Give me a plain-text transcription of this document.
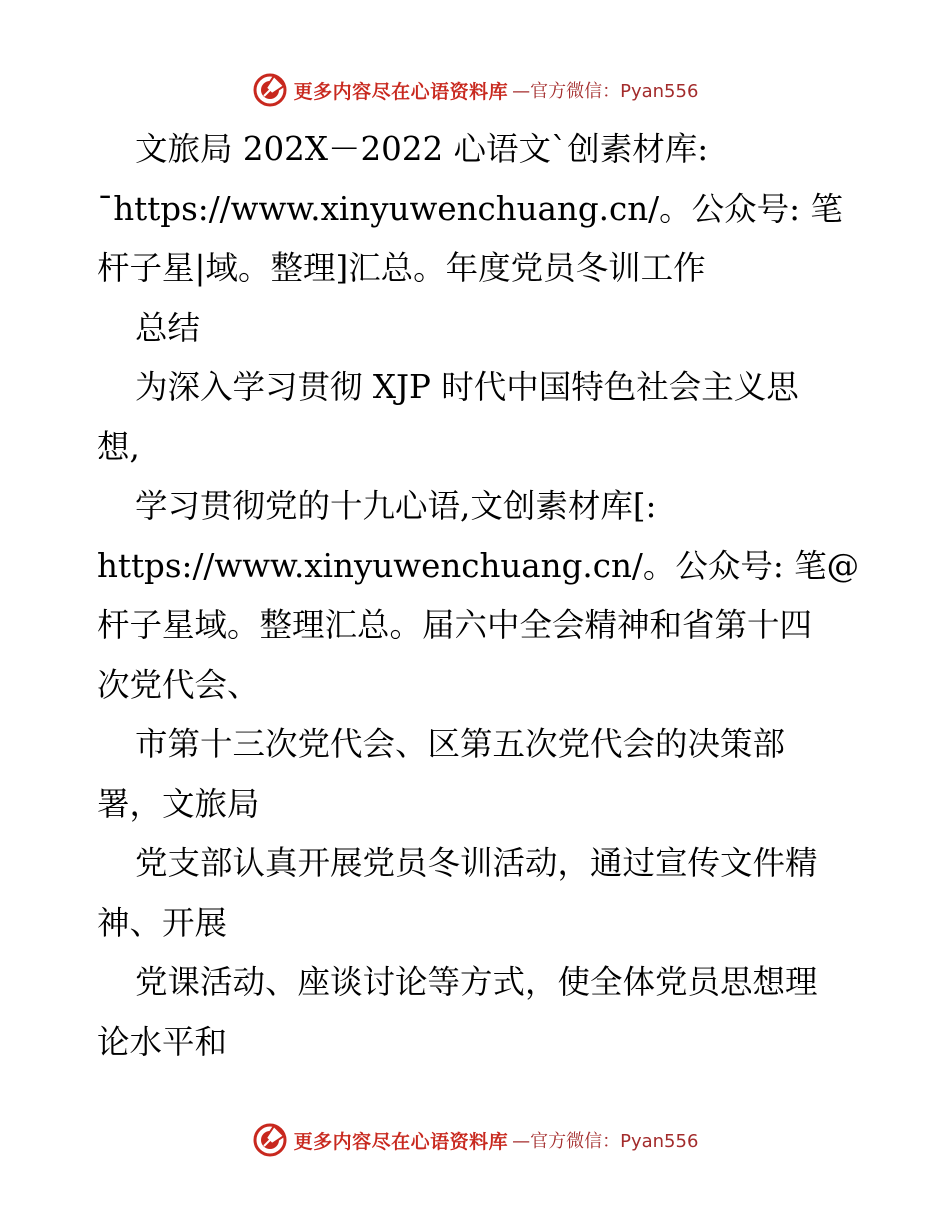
更多内容尽在心语资料库 —官方微信：Pyan556
文旅局 202X－2022 心语文`创素材库:
¯https://www.xinyuwenchuang.cn/。公众号: 笔
杆子星|域。整理]汇总。年度党员冬训工作
总结
为深入学习贯彻 XJP 时代中国特色社会主义思
想,
学习贯彻党的十九心语,文创素材库[:
https://www.xinyuwenchuang.cn/。公众号: 笔@
杆子星域。整理汇总。届六中全会精神和省第十四
次党代会、
市第十三次党代会、区第五次党代会的决策部
署，文旅局
党支部认真开展党员冬训活动，通过宣传文件精
神、开展
党课活动、座谈讨论等方式，使全体党员思想理
论水平和
更多内容尽在心语资料库 —官方微信：Pyan556
